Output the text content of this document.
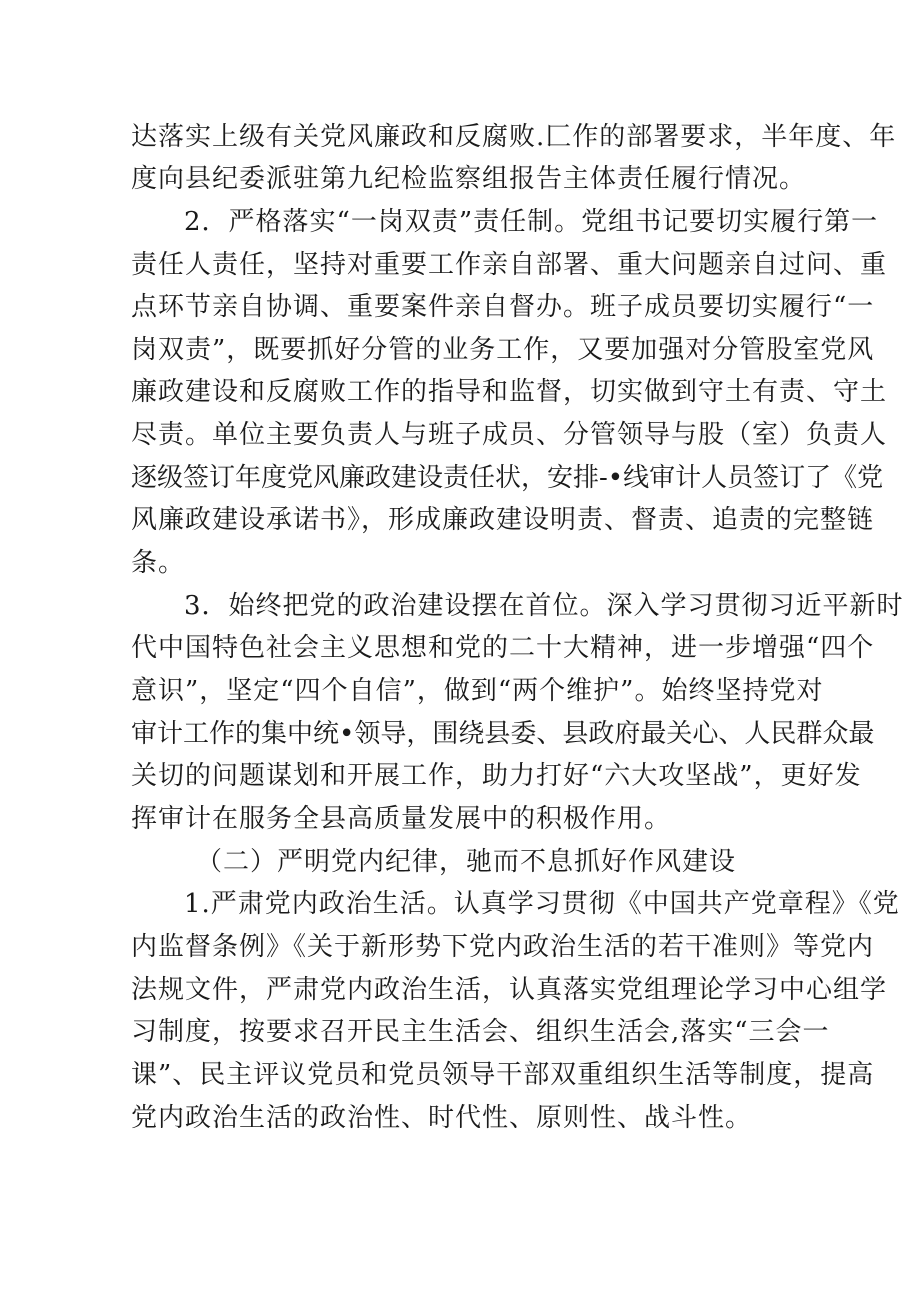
达落实上级有关党风廉政和反腐败.匚作的部署要求，半年度、年
度向县纪委派驻第九纪检监察组报告主体责任履行情况。
2．严格落实“一岗双责”责任制。党组书记要切实履行第一
责任人责任，坚持对重要工作亲自部署、重大问题亲自过问、重
点环节亲自协调、重要案件亲自督办。班子成员要切实履行“一
岗双责”，既要抓好分管的业务工作，又要加强对分管股室党风
廉政建设和反腐败工作的指导和监督，切实做到守土有责、守土
尽责。单位主要负责人与班子成员、分管领导与股（室）负责人
逐级签订年度党风廉政建设责任状，安排-•线审计人员签订了《党
风廉政建设承诺书》，形成廉政建设明责、督责、追责的完整链
条。
3．始终把党的政治建设摆在首位。深入学习贯彻习近平新时
代中国特色社会主义思想和党的二十大精神，进一步增强“四个
意识”，坚定“四个自信”，做到“两个维护”。始终坚持党对
审计工作的集中统•领导，围绕县委、县政府最关心、人民群众最
关切的问题谋划和开展工作，助力打好“六大攻坚战”，更好发
挥审计在服务全县高质量发展中的积极作用。
（二）严明党内纪律，驰而不息抓好作风建设
1.严肃党内政治生活。认真学习贯彻《中国共产党章程》《党
内监督条例》《关于新形势下党内政治生活的若干准则》等党内
法规文件，严肃党内政治生活，认真落实党组理论学习中心组学
习制度，按要求召开民主生活会、组织生活会,落实“三会一
课”、民主评议党员和党员领导干部双重组织生活等制度，提高
党内政治生活的政治性、时代性、原则性、战斗性。
